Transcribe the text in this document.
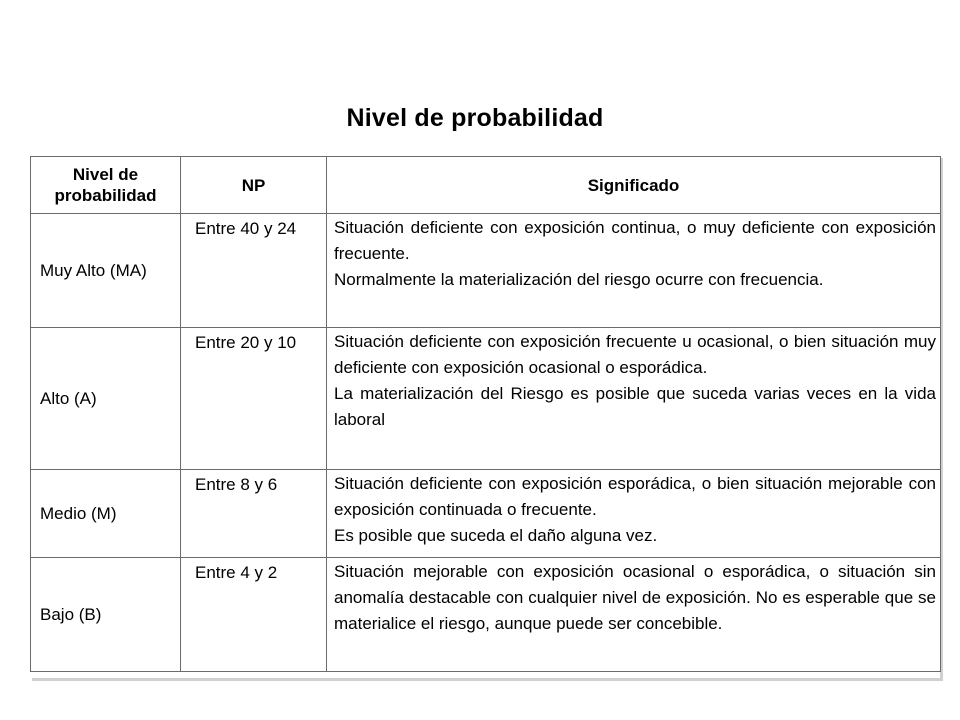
Nivel de probabilidad
Nivel de probabilidad	NP	Significado
Muy Alto (MA)	Entre 40 y 24	Situación deficiente con exposición continua, o muy deficiente con exposición frecuente.

Normalmente la materialización del riesgo ocurre con frecuencia.

Alto (A)	Entre 20 y 10	Situación deficiente con exposición frecuente u ocasional, o bien situación muy deficiente con exposición ocasional o esporádica.

La materialización del Riesgo es posible que suceda varias veces en la vida laboral

Medio (M)	Entre 8 y 6	Situación deficiente con exposición esporádica, o bien situación mejorable con exposición continuada o frecuente.

Es posible que suceda el daño alguna vez.

Bajo (B)	Entre 4 y 2	Situación mejorable con exposición ocasional o esporádica, o situación sin anomalía destacable con cualquier nivel de exposición. No es esperable que se materialice el riesgo, aunque puede ser concebible.
